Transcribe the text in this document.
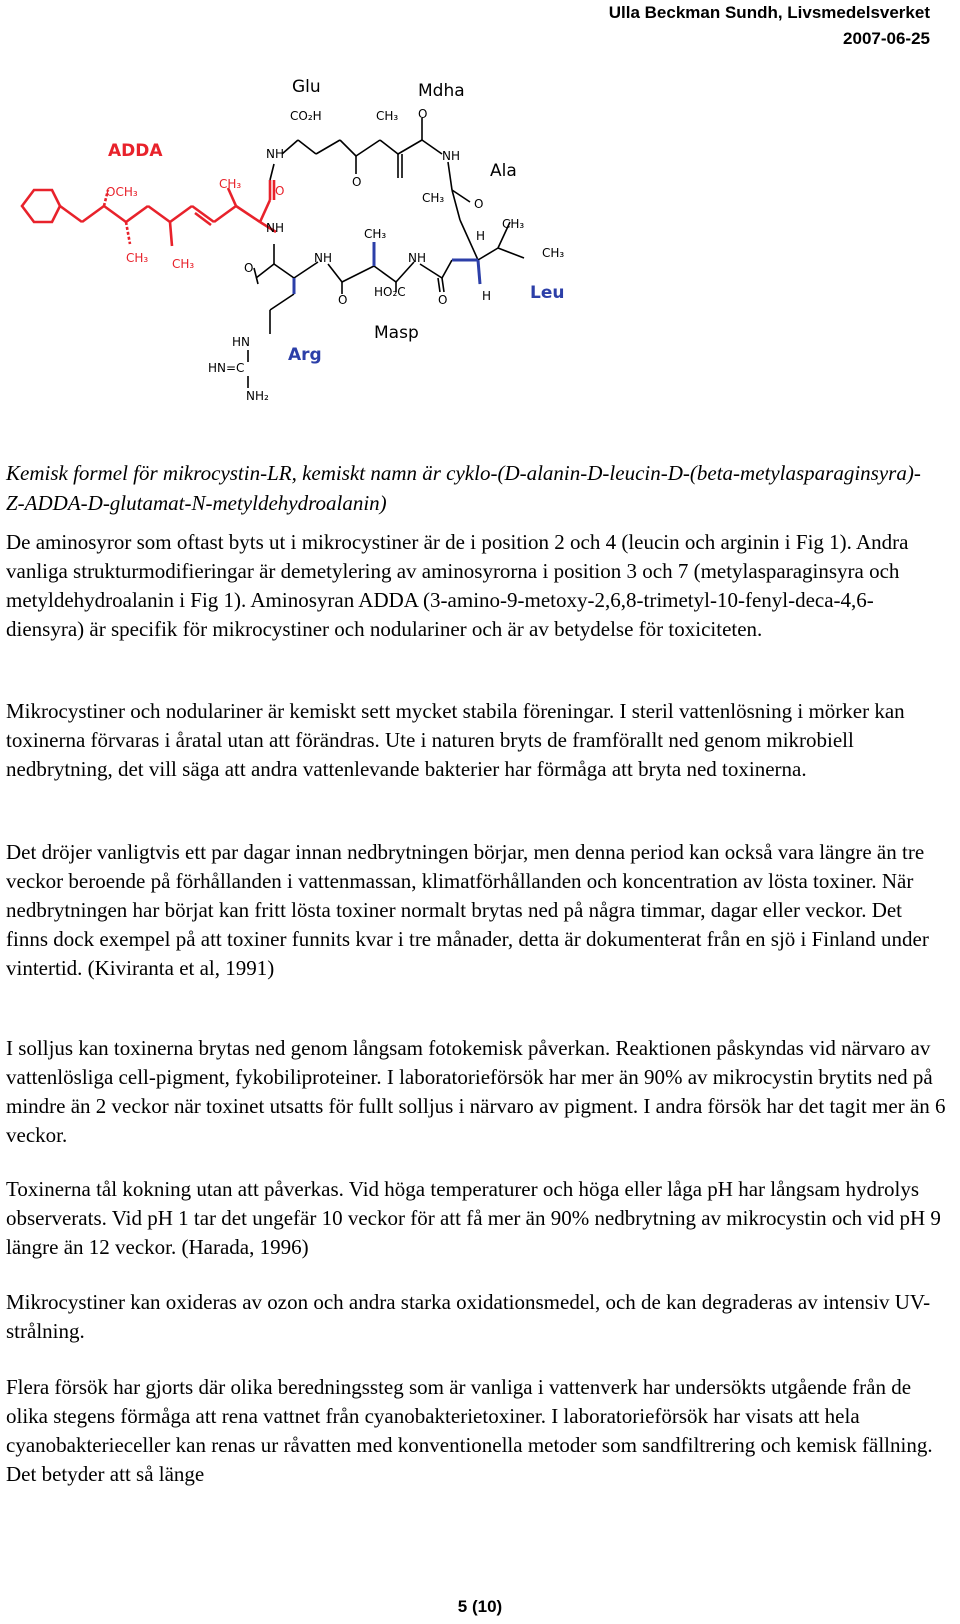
Ulla Beckman Sundh, Livsmedelsverket
2007-06-25
ADDA
OCH₃
CH₃ CH₃
CH₃	O
NH
CO₂H
O
CH₃ O
NH
CH₃ O
CH₃
CH₃
H
H
O
NH
CH₃
HO₂C
O
NH
NH
O
HN
HN=C
NH₂
Glu	Mdha
Ala
Leu
Arg
Masp
Kemisk formel för mikrocystin-LR, kemiskt namn är cyklo-(D-alanin-D-leucin-D-(beta-metylasparaginsyra)-Z-ADDA-D-glutamat-N-metyldehydroalanin)

De aminosyror som oftast byts ut i mikrocystiner är de i position 2 och 4 (leucin och arginin i Fig 1). Andra vanliga strukturmodifieringar är demetylering av aminosyrorna i position 3 och 7 (metylasparaginsyra och metyldehydroalanin i Fig 1). Aminosyran ADDA (3-amino-9-metoxy-2,6,8-trimetyl-10-fenyl-deca-4,6-diensyra) är specifik för mikrocystiner och nodulariner och är av betydelse för toxiciteten.

Mikrocystiner och nodulariner är kemiskt sett mycket stabila föreningar. I steril vattenlösning i mörker kan toxinerna förvaras i åratal utan att förändras. Ute i naturen bryts de framförallt ned genom mikrobiell nedbrytning, det vill säga att andra vattenlevande bakterier har förmåga att bryta ned toxinerna.

Det dröjer vanligtvis ett par dagar innan nedbrytningen börjar, men denna period kan också vara längre än tre veckor beroende på förhållanden i vattenmassan, klimatförhållanden och koncentration av lösta toxiner. När nedbrytningen har börjat kan fritt lösta toxiner normalt brytas ned på några timmar, dagar eller veckor. Det finns dock exempel på att toxiner funnits kvar i tre månader, detta är dokumenterat från en sjö i Finland under vintertid. (Kiviranta et al, 1991)

I solljus kan toxinerna brytas ned genom långsam fotokemisk påverkan. Reaktionen påskyndas vid närvaro av vattenlösliga cell-pigment, fykobiliproteiner. I laboratorieförsök har mer än 90% av mikrocystin brytits ned på mindre än 2 veckor när toxinet utsatts för fullt solljus i närvaro av pigment. I andra försök har det tagit mer än 6 veckor.

Toxinerna tål kokning utan att påverkas. Vid höga temperaturer och höga eller låga pH har långsam hydrolys observerats. Vid pH 1 tar det ungefär 10 veckor för att få mer än 90% nedbrytning av mikrocystin och vid pH 9 längre än 12 veckor. (Harada, 1996)

Mikrocystiner kan oxideras av ozon och andra starka oxidationsmedel, och de kan degraderas av intensiv UV-strålning.

Flera försök har gjorts där olika beredningssteg som är vanliga i vattenverk har undersökts utgående från de olika stegens förmåga att rena vattnet från cyanobakterietoxiner. I laboratorieförsök har visats att hela cyanobakterieceller kan renas ur råvatten med konventionella metoder som sandfiltrering och kemisk fällning. Det betyder att så länge

5 (10)
